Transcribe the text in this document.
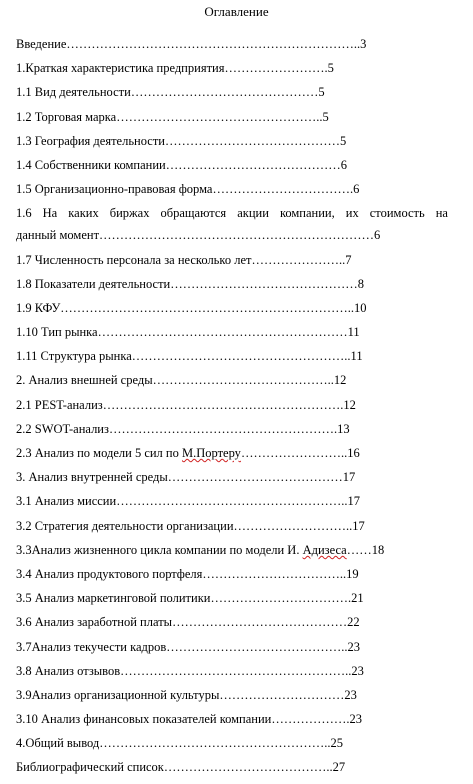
Оглавление
Введение……………………………………………………………..3
1.Краткая характеристика предприятия…………………….5
1.1 Вид деятельности………………………………………5
1.2 Торговая марка…………………………………………..5
1.3 География деятельности……………………………………5
1.4 Собственники компании……………………………………6
1.5 Организационно-правовая форма…………………………….6
1.6 На каких биржах обращаются акции компании, их стоимость на
данный момент…………………………………………………………6
1.7 Численность персонала за несколько лет…………………..7
1.8 Показатели деятельности………………………………………8
1.9 КФУ……………………………………………………………..10
1.10 Тип рынка……………………………………………………11
1.11 Структура рынка……………………………………………..11
2. Анализ внешней среды……………………………………..12
2.1 PEST-анализ………………………………………………….12
2.2 SWOT-анализ……………………………………………….13
2.3 Анализ по модели 5 сил по М.Портеру……………………..16
3. Анализ внутренней среды……………………………………17
3.1 Анализ миссии………………………………………………..17
3.2 Стратегия деятельности организации………………………..17
3.3Анализ жизненного цикла компании по модели И. Адизеса……18
3.4 Анализ продуктового портфеля……………………………..19
3.5 Анализ маркетинговой политики…………………………….21
3.6 Анализ заработной платы……………………………………22
3.7Анализ текучести кадров……………………………………..23
3.8 Анализ отзывов………………………………………………..23
3.9Анализ организационной культуры…………………………23
3.10 Анализ финансовых показателей компании……………….23
4.Общий вывод………………………………………………..25
Библиографический список…………………………………..27
